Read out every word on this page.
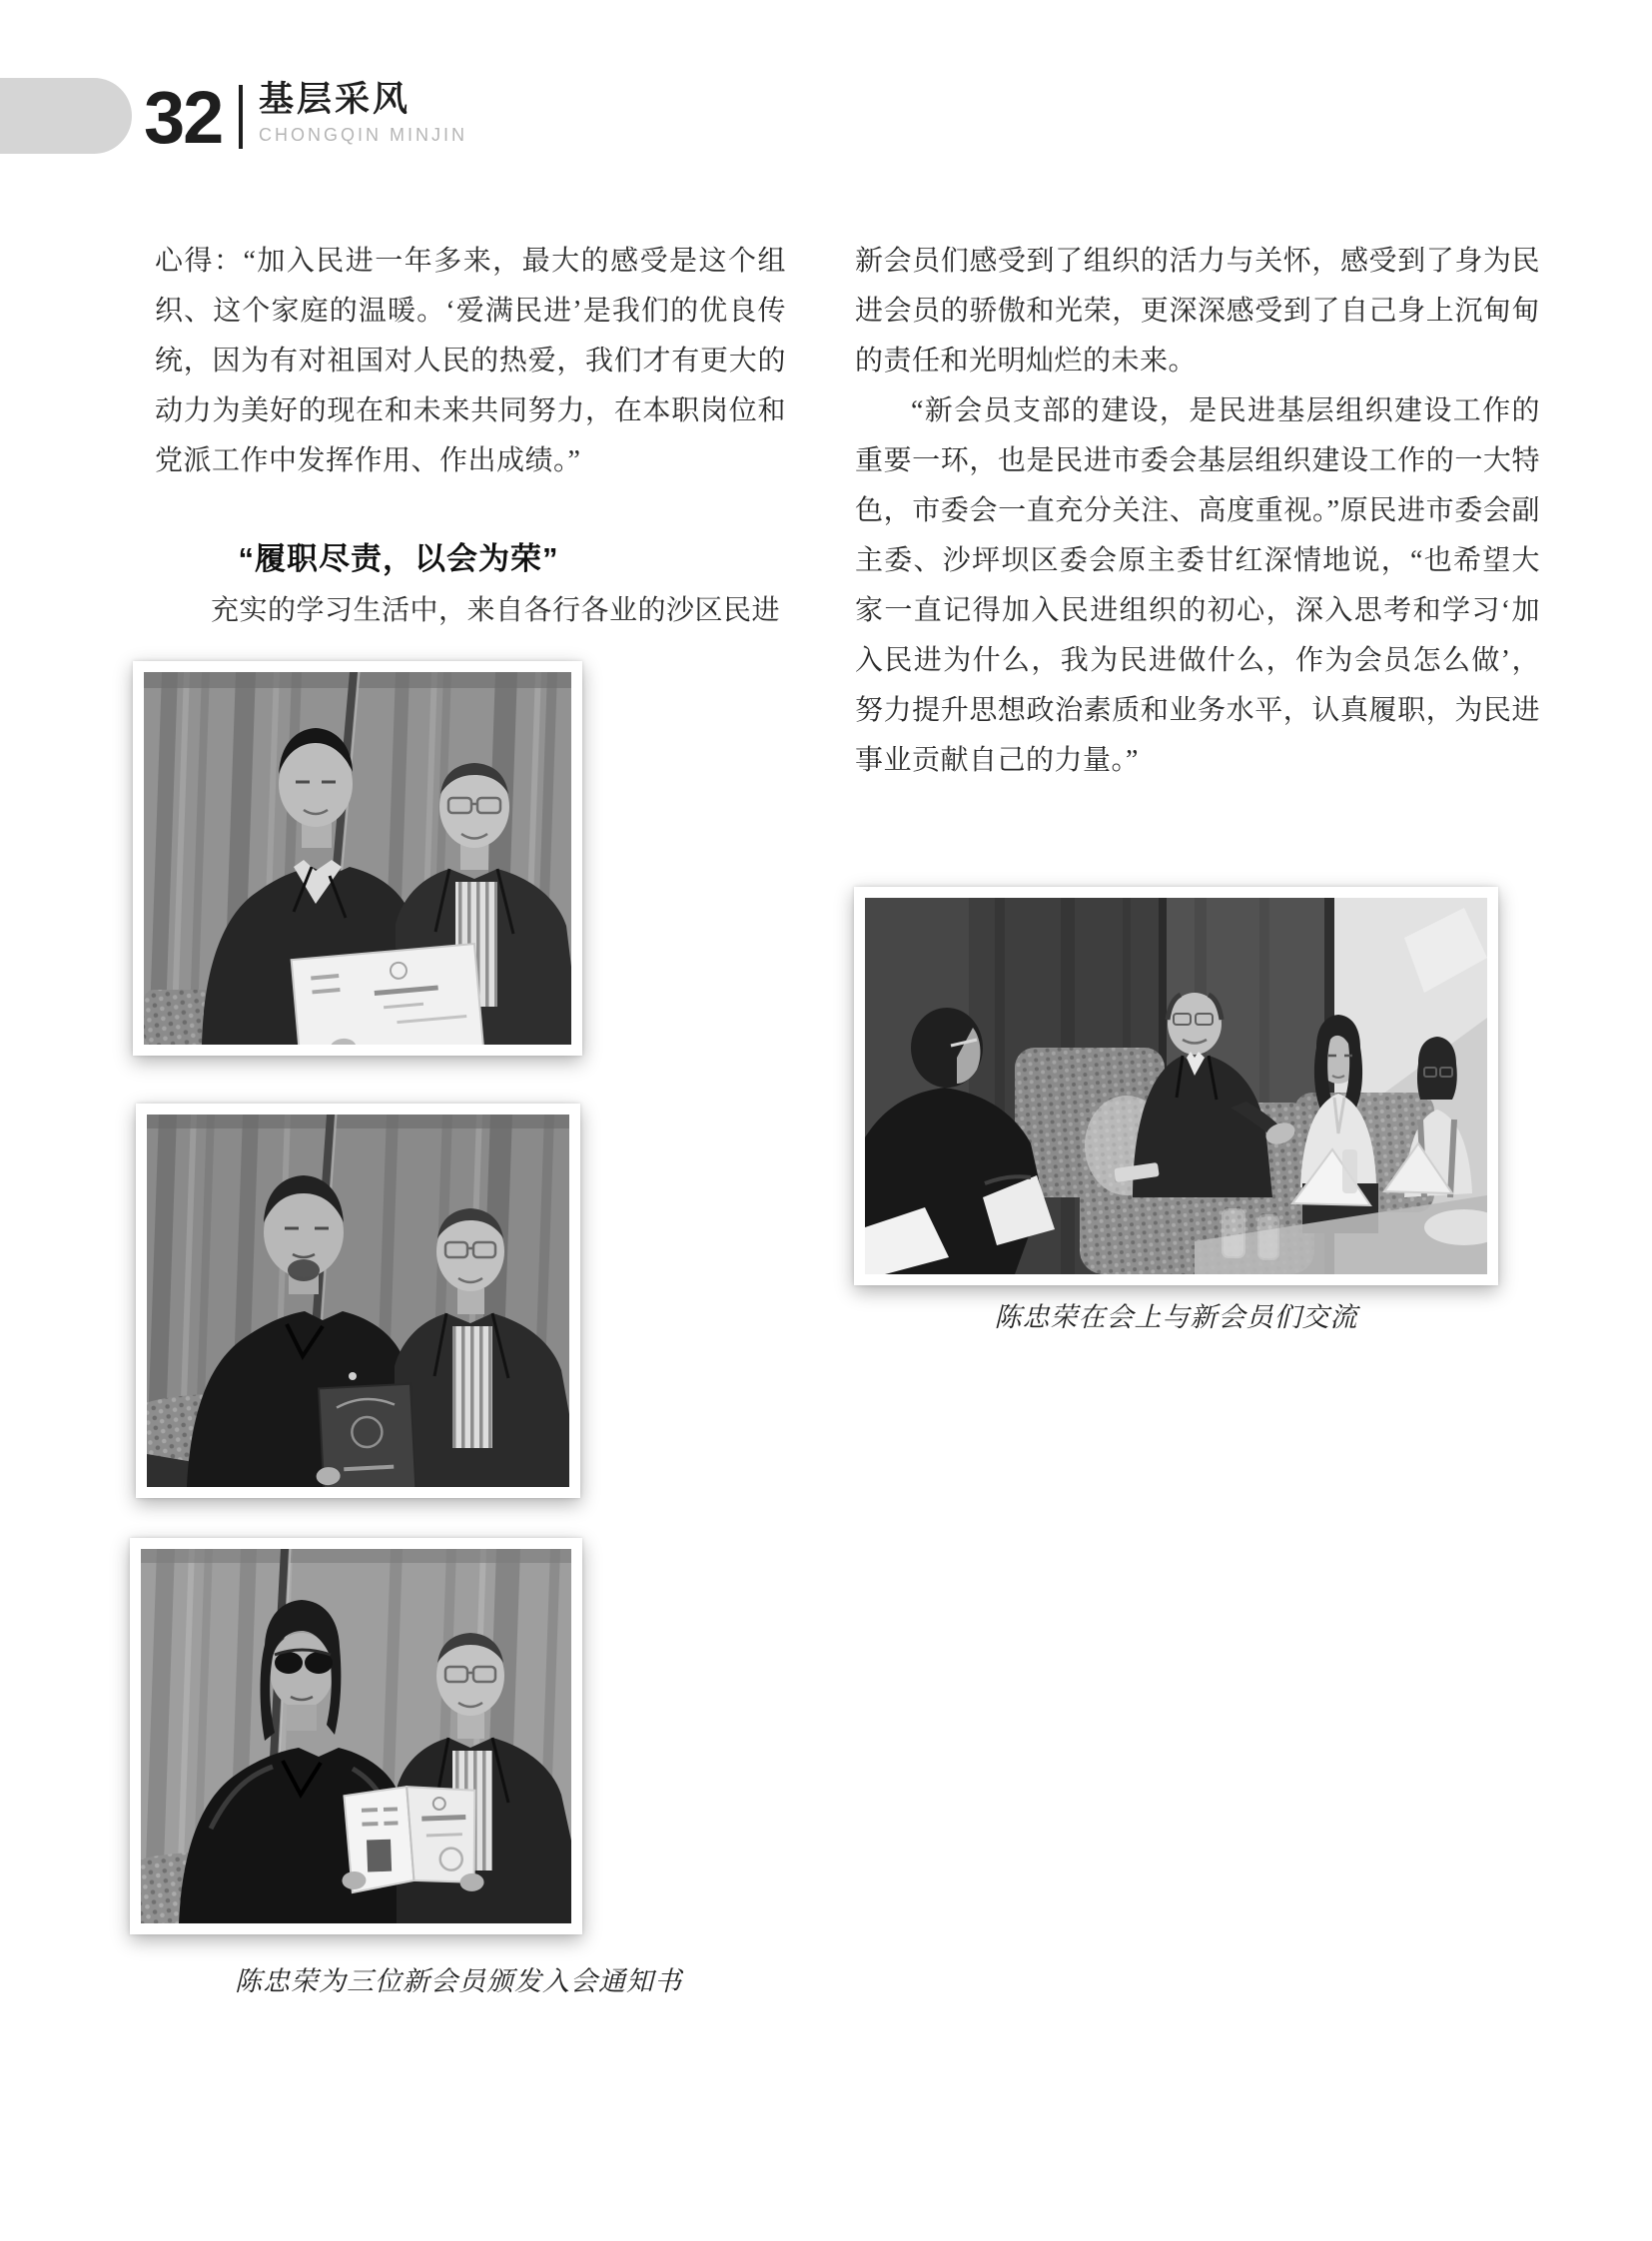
32 基层采风
CHONGQIN MINJIN
心得：“加入民进一年多来，最大的感受是这个组织、这个家庭的温暖。‘爱满民进’是我们的优良传统，因为有对祖国对人民的热爱，我们才有更大的动力为美好的现在和未来共同努力，在本职岗位和党派工作中发挥作用、作出成绩。”
“履职尽责，以会为荣”
充实的学习生活中，来自各行各业的沙区民进

新会员们感受到了组织的活力与关怀，感受到了身为民进会员的骄傲和光荣，更深深感受到了自己身上沉甸甸的责任和光明灿烂的未来。

“新会员支部的建设，是民进基层组织建设工作的重要一环，也是民进市委会基层组织建设工作的一大特色，市委会一直充分关注、高度重视。”原民进市委会副主委、沙坪坝区委会原主委甘红深情地说，“也希望大家一直记得加入民进组织的初心，深入思考和学习‘加入民进为什么，我为民进做什么，作为会员怎么做’，努力提升思想政治素质和业务水平，认真履职，为民进事业贡献自己的力量。”

陈忠荣在会上与新会员们交流
陈忠荣为三位新会员颁发入会通知书
